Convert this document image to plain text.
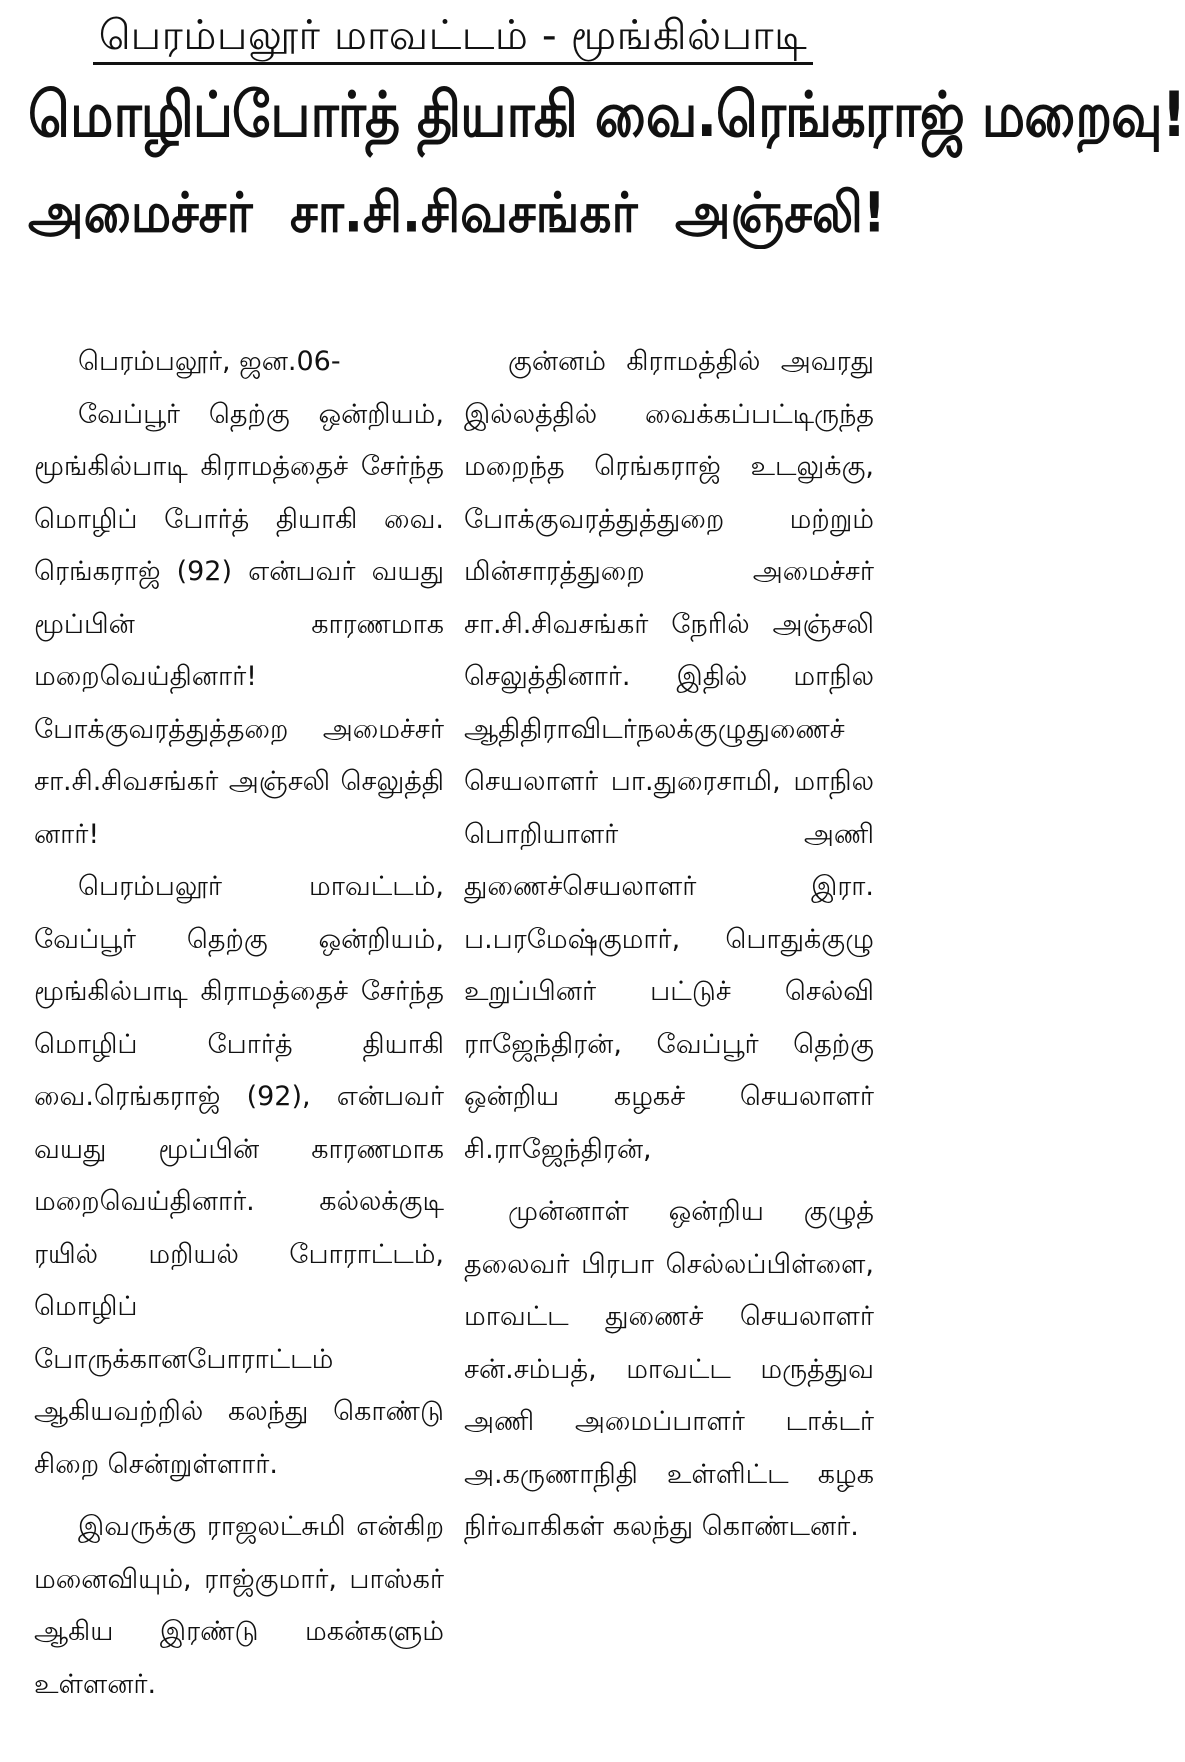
பெரம்பலூர் மாவட்டம் - மூங்கில்பாடி
மொழிப்போர்த் தியாகி வை.ரெங்கராஜ் மறைவு!
அமைச்சர் சா.சி.சிவசங்கர் அஞ்சலி!

பெரம்பலூர், ஜன.06-

வேப்பூர் தெற்கு ஒன்றியம், மூங்கில்பாடி கிராமத்தைச் சேர்ந்த மொழிப் போர்த் தியாகி வை. ரெங்கராஜ் (92) என்பவர் வயது மூப்பின் காரணமாக மறைவெய்தினார்! போக்குவரத்துத்தறை அமைச்சர் சா.சி.சிவசங்கர் அஞ்சலி செலுத்தி னார்!

பெரம்பலூர் மாவட்டம், வேப்பூர் தெற்கு ஒன்றியம், மூங்கில்பாடி கிராமத்தைச் சேர்ந்த மொழிப் போர்த் தியாகி வை.ரெங்கராஜ் (92), என்பவர் வயது மூப்பின் காரணமாக மறைவெய்தினார். கல்லக்குடி ரயில் மறியல் போராட்டம், மொழிப் போருக்கானபோராட்டம் ஆகியவற்றில் கலந்து கொண்டு சிறை சென்றுள்ளார்.

இவருக்கு ராஜலட்சுமி என்கிற மனைவியும், ராஜ்குமார், பாஸ்கர் ஆகிய இரண்டு மகன்களும் உள்ளனர்.

குன்னம் கிராமத்தில் அவரது இல்லத்தில் வைக்கப்பட்டிருந்த மறைந்த ரெங்கராஜ் உடலுக்கு, போக்குவரத்துத்துறை மற்றும் மின்சாரத்துறை அமைச்சர் சா.சி.சிவசங்கர் நேரில் அஞ்சலி செலுத்தினார். இதில் மாநில ஆதிதிராவிடர்நலக்குழுதுணைச் செயலாளர் பா.துரைசாமி, மாநில பொறியாளர் அணி துணைச்செயலாளர் இரா. ப.பரமேஷ்குமார், பொதுக்குழு உறுப்பினர் பட்டுச் செல்வி ராஜேந்திரன், வேப்பூர் தெற்கு ஒன்றிய கழகச் செயலாளர் சி.ராஜேந்திரன்,

முன்னாள் ஒன்றிய குழுத் தலைவர் பிரபா செல்லப்பிள்ளை, மாவட்ட துணைச் செயலாளர் சன்.சம்பத், மாவட்ட மருத்துவ அணி அமைப்பாளர் டாக்டர் அ.கருணாநிதி உள்ளிட்ட கழக நிர்வாகிகள் கலந்து கொண்டனர்.
